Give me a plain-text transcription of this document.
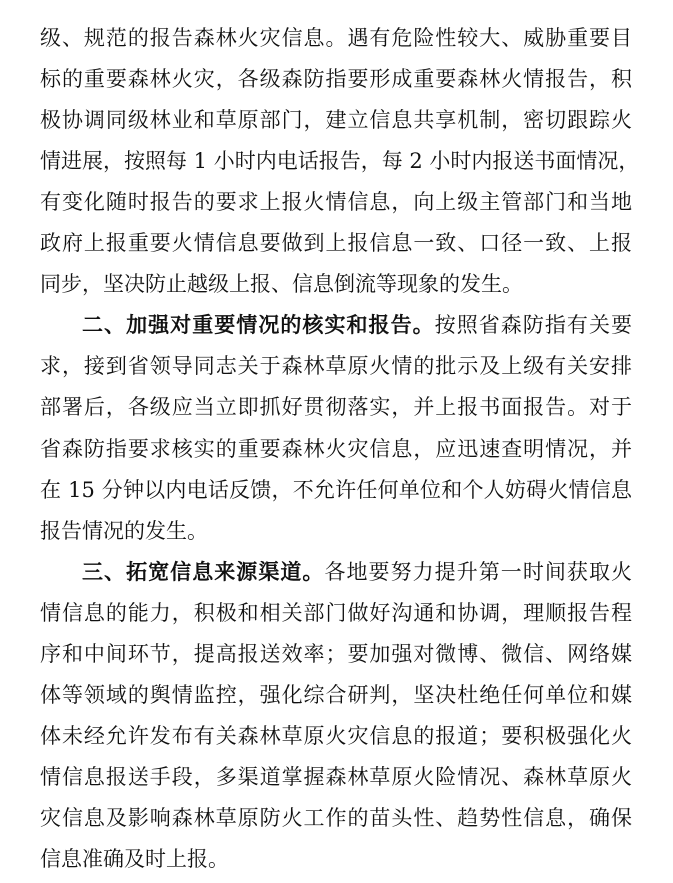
级、规范的报告森林火灾信息。遇有危险性较大、威胁重要目
标的重要森林火灾，各级森防指要形成重要森林火情报告，积
极协调同级林业和草原部门，建立信息共享机制，密切跟踪火
情进展，按照每 1 小时内电话报告，每 2 小时内报送书面情况，
有变化随时报告的要求上报火情信息，向上级主管部门和当地
政府上报重要火情信息要做到上报信息一致、口径一致、上报
同步，坚决防止越级上报、信息倒流等现象的发生。
二、加强对重要情况的核实和报告。按照省森防指有关要
求，接到省领导同志关于森林草原火情的批示及上级有关安排
部署后，各级应当立即抓好贯彻落实，并上报书面报告。对于
省森防指要求核实的重要森林火灾信息，应迅速查明情况，并
在 15 分钟以内电话反馈，不允许任何单位和个人妨碍火情信息
报告情况的发生。
三、拓宽信息来源渠道。各地要努力提升第一时间获取火
情信息的能力，积极和相关部门做好沟通和协调，理顺报告程
序和中间环节，提高报送效率；要加强对微博、微信、网络媒
体等领域的舆情监控，强化综合研判，坚决杜绝任何单位和媒
体未经允许发布有关森林草原火灾信息的报道；要积极强化火
情信息报送手段，多渠道掌握森林草原火险情况、森林草原火
灾信息及影响森林草原防火工作的苗头性、趋势性信息，确保
信息准确及时上报。
